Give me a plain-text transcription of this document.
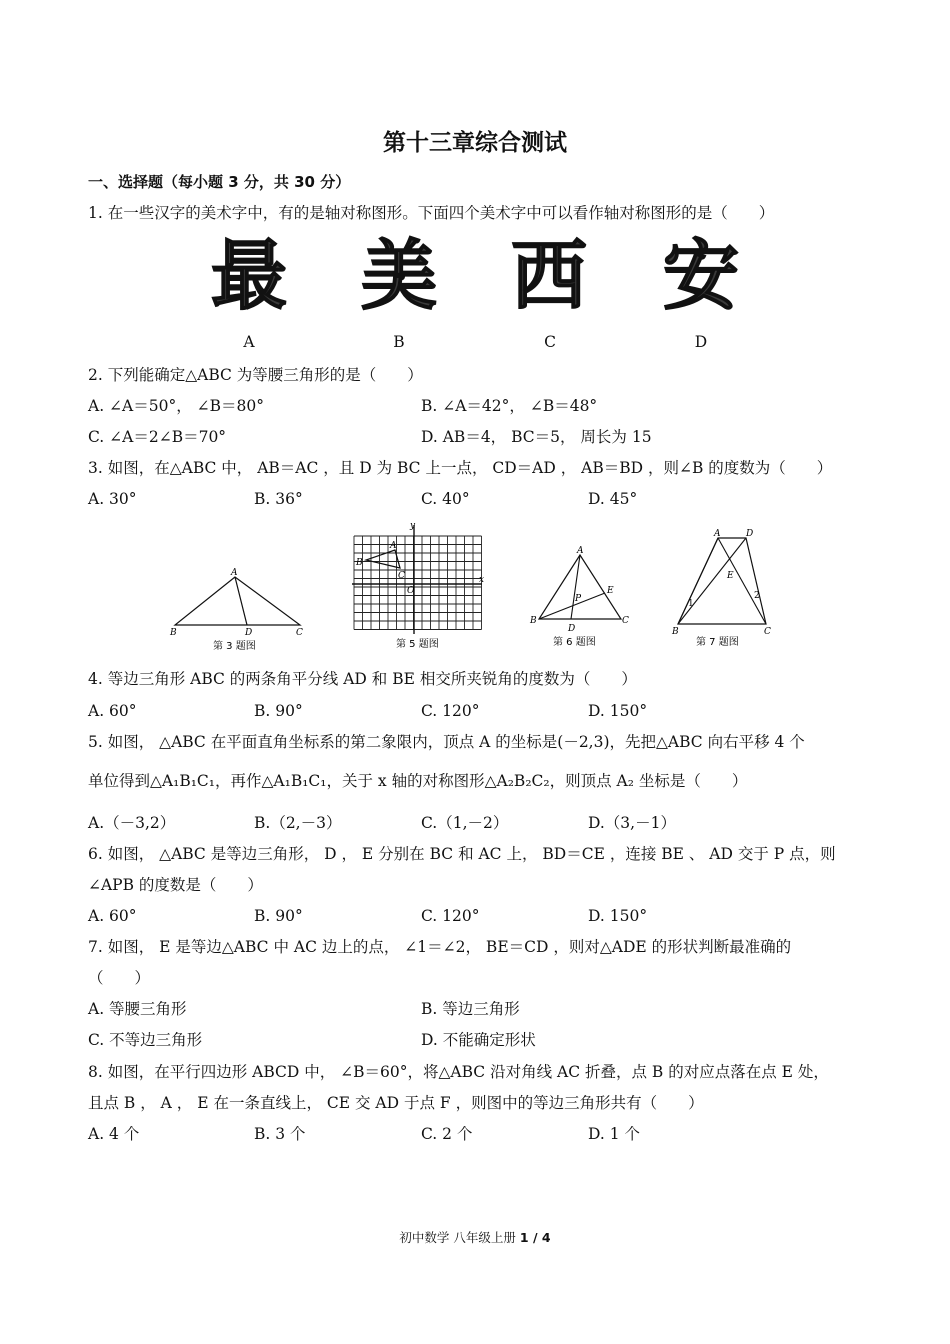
第十三章综合测试
一、选择题（每小题 3 分，共 30 分）
1. 在一些汉字的美术字中，有的是轴对称图形。下面四个美术字中可以看作轴对称图形的是（　　）
最 美 西 安
A	B	C	D
2. 下列能确定△ABC 为等腰三角形的是（　　）
A. ∠A＝50°， ∠B＝80°	B. ∠A＝42°， ∠B＝48°
C. ∠A＝2∠B＝70°	D. AB＝4， BC＝5， 周长为 15
3. 如图，在△ABC 中， AB＝AC ，且 D 为 BC 上一点， CD＝AD ， AB＝BD ，则∠B 的度数为（　　）
A. 30°	B. 36°	C. 40°	D. 45°
A
B	D	C
第 3 题图
y
A
B
C
O
x
第 5 题图
A
E
P
B
D
C
第 6 题图
A	D
E
1
2
B	C
第 7 题图
4. 等边三角形 ABC 的两条角平分线 AD 和 BE 相交所夹锐角的度数为（　　）
A. 60°	B. 90°	C. 120°	D. 150°
5. 如图， △ABC 在平面直角坐标系的第二象限内，顶点 A 的坐标是(－2,3)，先把△ABC 向右平移 4 个
单位得到△A₁B₁C₁，再作△A₁B₁C₁，关于 x 轴的对称图形△A₂B₂C₂，则顶点 A₂ 坐标是（　　）
A.（－3,2）	B.（2,－3）	C.（1,－2）	D.（3,－1）
6. 如图， △ABC 是等边三角形， D ， E 分别在 BC 和 AC 上， BD＝CE ，连接 BE 、 AD 交于 P 点，则
∠APB 的度数是（　　）
A. 60°	B. 90°	C. 120°	D. 150°
7. 如图， E 是等边△ABC 中 AC 边上的点， ∠1＝∠2， BE＝CD ，则对△ADE 的形状判断最准确的
（　　）
A. 等腰三角形	B. 等边三角形
C. 不等边三角形	D. 不能确定形状
8. 如图，在平行四边形 ABCD 中， ∠B＝60°，将△ABC 沿对角线 AC 折叠，点 B 的对应点落在点 E 处，
且点 B ， A ， E 在一条直线上， CE 交 AD 于点 F ，则图中的等边三角形共有（　　）
A. 4 个	B. 3 个	C. 2 个	D. 1 个
初中数学 八年级上册 1 / 4
